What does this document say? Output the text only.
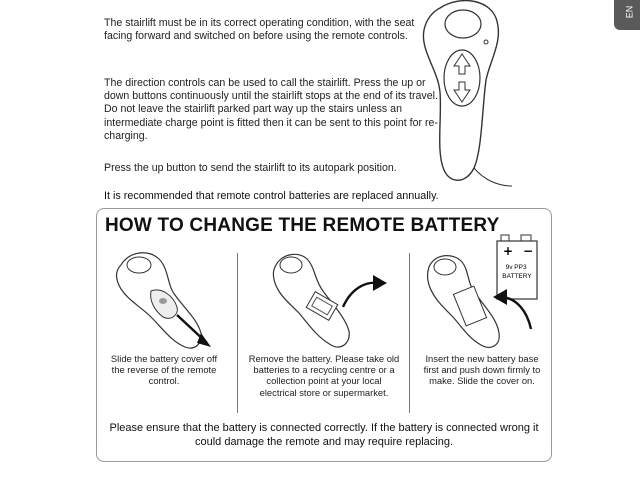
EN

The stairlift must be in its correct operating condition, with the seat facing forward and switched on before using the remote controls.

The direction controls can be used to call the stairlift. Press the up or down buttons continuously until the stairlift stops at the end of its travel. Do not leave the stairlift parked part way up the stairs unless an intermediate charge point is fitted then it can be sent to this point for re-charging.

Press the up button to send the stairlift to its autopark position.

It is recommended that remote control batteries are replaced annually.

HOW TO CHANGE THE REMOTE BATTERY
+ −
9v PP3 BATTERY
Slide the battery cover off the reverse of the remote control.
Remove the battery. Please take old batteries to a recycling centre or a collection point at your local electrical store or supermarket.
Insert the new battery base first and push down firmly to make. Slide the cover on.
Please ensure that the battery is connected correctly. If the battery is connected wrong it could damage the remote and may require replacing.
